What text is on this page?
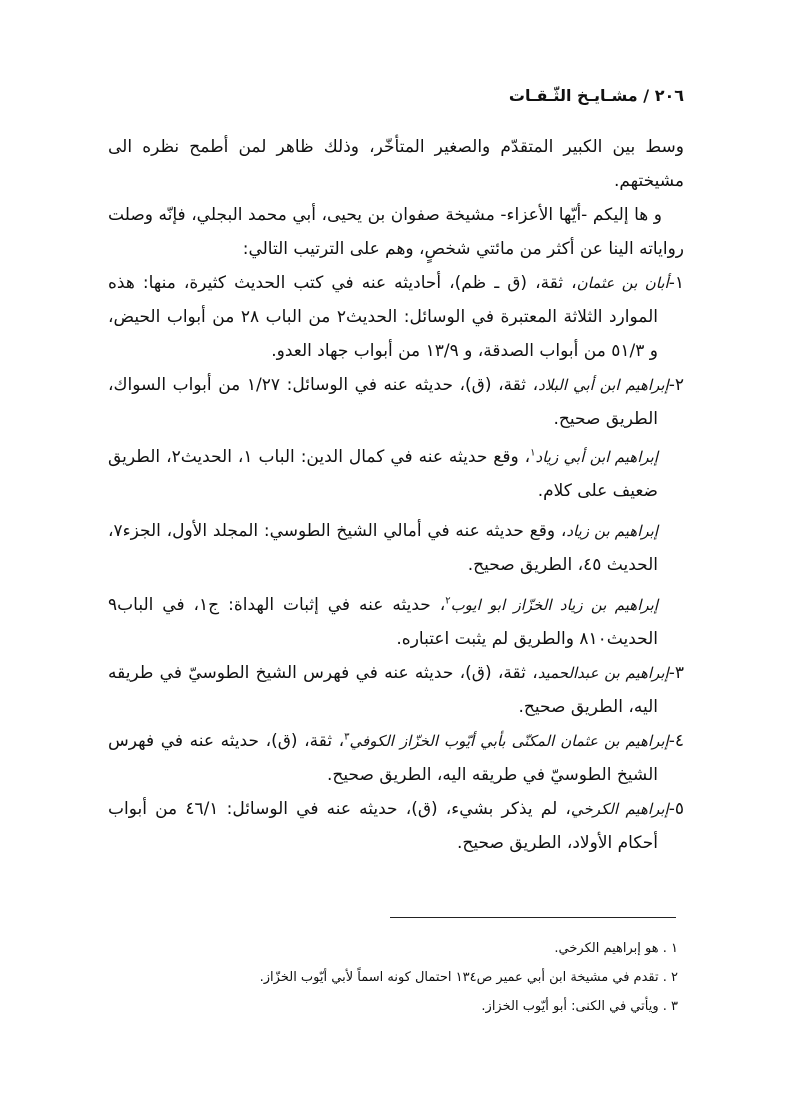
٢٠٦ / مشـايـخ الثّـقـات

وسط بين الكبير المتقدّم والصغير المتأخّر، وذلك ظاهر لمن أطمح نظره الى مشيختهم.

و ها إليكم -أيّها الأعزاء- مشيخة صفوان بن يحيى، أبي محمد البجلي، فإنّه وصلت رواياته الينا عن أكثر من مائتي شخصٍ، وهم على الترتيب التالي:

١-أبان بن عثمان، ثقة، (ق ـ ظم)، أحاديثه عنه في كتب الحديث كثيرة، منها: هذه الموارد الثلاثة المعتبرة في الوسائل: الحديث٢ من الباب ٢٨ من أبواب الحيض، و ٥١/٣ من أبواب الصدقة، و ١٣/٩ من أبواب جهاد العدو.

٢-إبراهيم ابن أبي البلاد، ثقة، (ق)، حديثه عنه في الوسائل: ١/٢٧ من أبواب السواك، الطريق صحيح.

إبراهيم ابن أبي زياد$^١$، وقع حديثه عنه في كمال الدين: الباب ١، الحديث٢، الطريق ضعيف على كلام.

إبراهيم بن زياد، وقع حديثه عنه في أمالي الشيخ الطوسي: المجلد الأول، الجزء٧، الحديث ٤٥، الطريق صحيح.

إبراهيم بن زياد الخزّاز ابو ايوب$^٢$، حديثه عنه في إثبات الهداة: ج١، في الباب٩ الحديث٨١٠ والطريق لم يثبت اعتباره.

٣-إبراهيم بن عبدالحميد، ثقة، (ق)، حديثه عنه في فهرس الشيخ الطوسيّ في طريقه اليه، الطريق صحيح.

٤-إبراهيم بن عثمان المكنّى بأبي أيّوب الخزّاز الكوفي$^٣$، ثقة، (ق)، حديثه عنه في فهرس الشيخ الطوسيّ في طريقه اليه، الطريق صحيح.

٥-إبراهيم الكرخي، لم يذكر بشيء، (ق)، حديثه عنه في الوسائل: ٤٦/١ من أبواب أحكام الأولاد، الطريق صحيح.

١ . هو إبراهيم الكرخي.

٢ . تقدم في مشيخة ابن أبي عمير ص١٣٤ احتمال كونه اسماً لأبي أيّوب الخزّاز.

٣ . ويأتي في الكنى: أبو أيّوب الخزاز.
